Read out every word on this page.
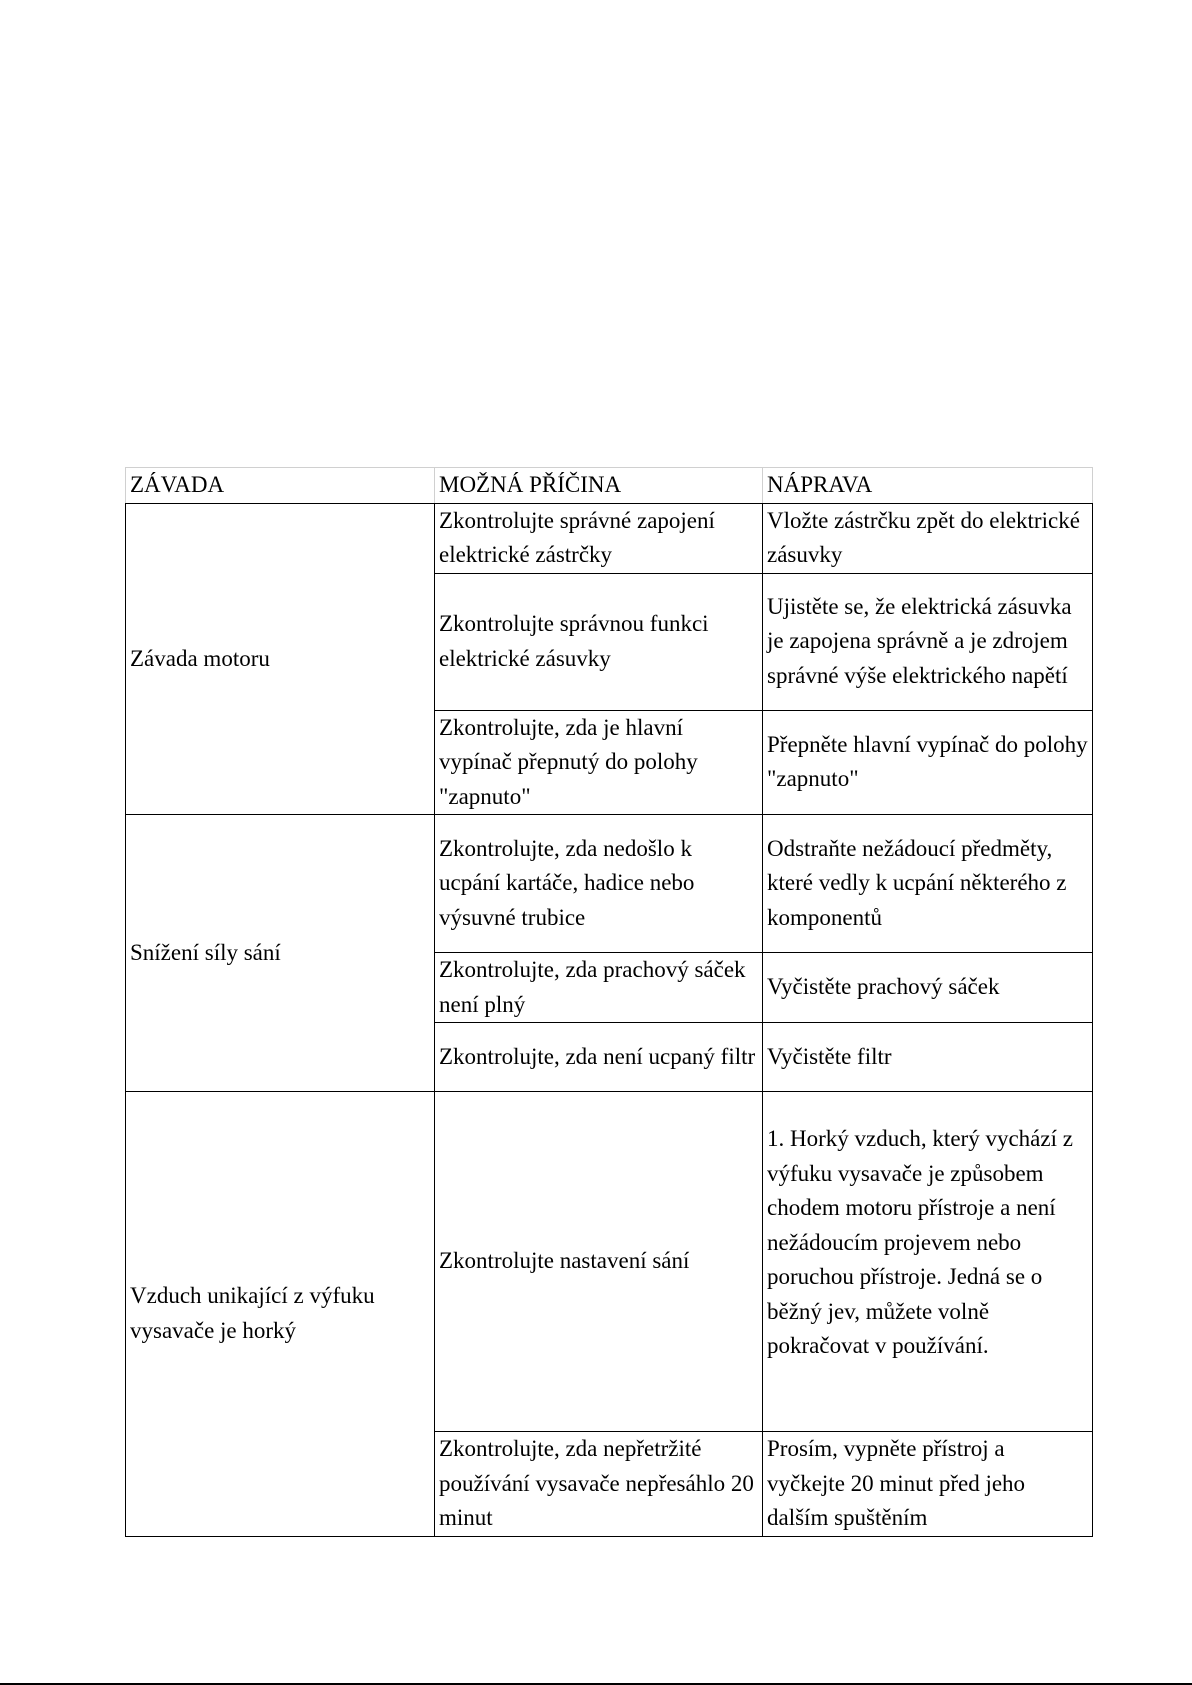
ZÁVADA	MOŽNÁ PŘÍČINA	NÁPRAVA
Závada motoru	Zkontrolujte správné zapojení elektrické zástrčky	Vložte zástrčku zpět do elektrické zásuvky
	Zkontrolujte správnou funkci elektrické zásuvky	Ujistěte se, že elektrická zásuvka je zapojena správně a je zdrojem správné výše elektrického napětí
	Zkontrolujte, zda je hlavní vypínač přepnutý do polohy "zapnuto"	Přepněte hlavní vypínač do polohy "zapnuto"
Snížení síly sání	Zkontrolujte, zda nedošlo k ucpání kartáče, hadice nebo výsuvné trubice	Odstraňte nežádoucí předměty, které vedly k ucpání některého z komponentů
	Zkontrolujte, zda prachový sáček není plný	Vyčistěte prachový sáček
	Zkontrolujte, zda není ucpaný filtr	Vyčistěte filtr
Vzduch unikající z výfuku vysavače je horký	Zkontrolujte nastavení sání	1. Horký vzduch, který vychází z výfuku vysavače je způsobem chodem motoru přístroje a není nežádoucím projevem nebo poruchou přístroje. Jedná se o běžný jev, můžete volně pokračovat v používání.
	Zkontrolujte, zda nepřetržité používání vysavače nepřesáhlo 20 minut	Prosím, vypněte přístroj a vyčkejte 20 minut před jeho dalším spuštěním
